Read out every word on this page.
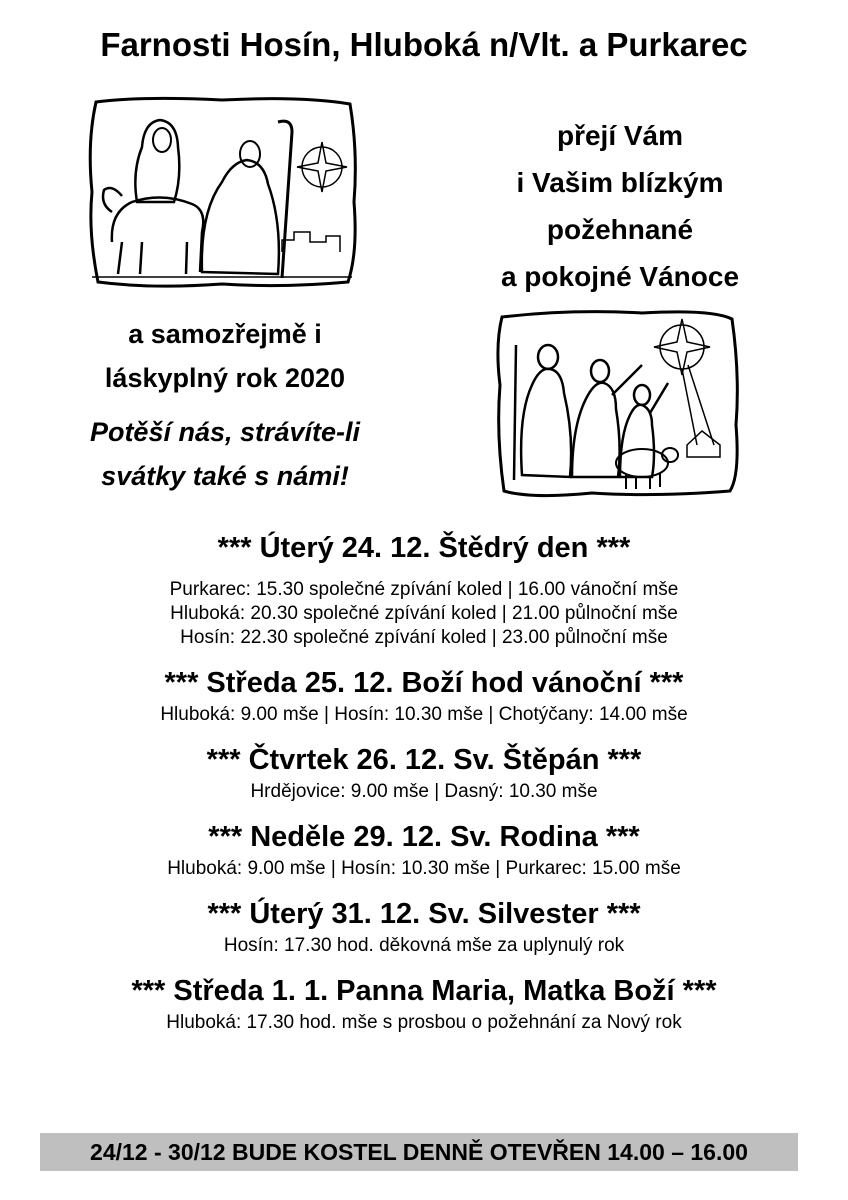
Farnosti Hosín, Hluboká n/Vlt. a Purkarec
přejí Vám
i Vašim blízkým
požehnané
a pokojné Vánoce
a samozřejmě i
láskyplný rok 2020
Potěší nás, strávíte-li
svátky také s námi!
*** Úterý 24. 12. Štědrý den ***
Purkarec: 15.30 společné zpívání koled | 16.00 vánoční mše
Hluboká: 20.30 společné zpívání koled | 21.00 půlnoční mše
Hosín: 22.30 společné zpívání koled | 23.00 půlnoční mše
*** Středa 25. 12. Boží hod vánoční ***
Hluboká: 9.00 mše | Hosín: 10.30 mše | Chotýčany: 14.00 mše
*** Čtvrtek 26. 12. Sv. Štěpán ***
Hrdějovice: 9.00 mše | Dasný: 10.30 mše
*** Neděle 29. 12. Sv. Rodina ***
Hluboká: 9.00 mše | Hosín: 10.30 mše | Purkarec: 15.00 mše
*** Úterý 31. 12. Sv. Silvester ***
Hosín: 17.30 hod. děkovná mše za uplynulý rok
*** Středa 1. 1. Panna Maria, Matka Boží ***
Hluboká: 17.30 hod. mše s prosbou o požehnání za Nový rok
24/12 - 30/12 BUDE KOSTEL DENNĚ OTEVŘEN 14.00 – 16.00
